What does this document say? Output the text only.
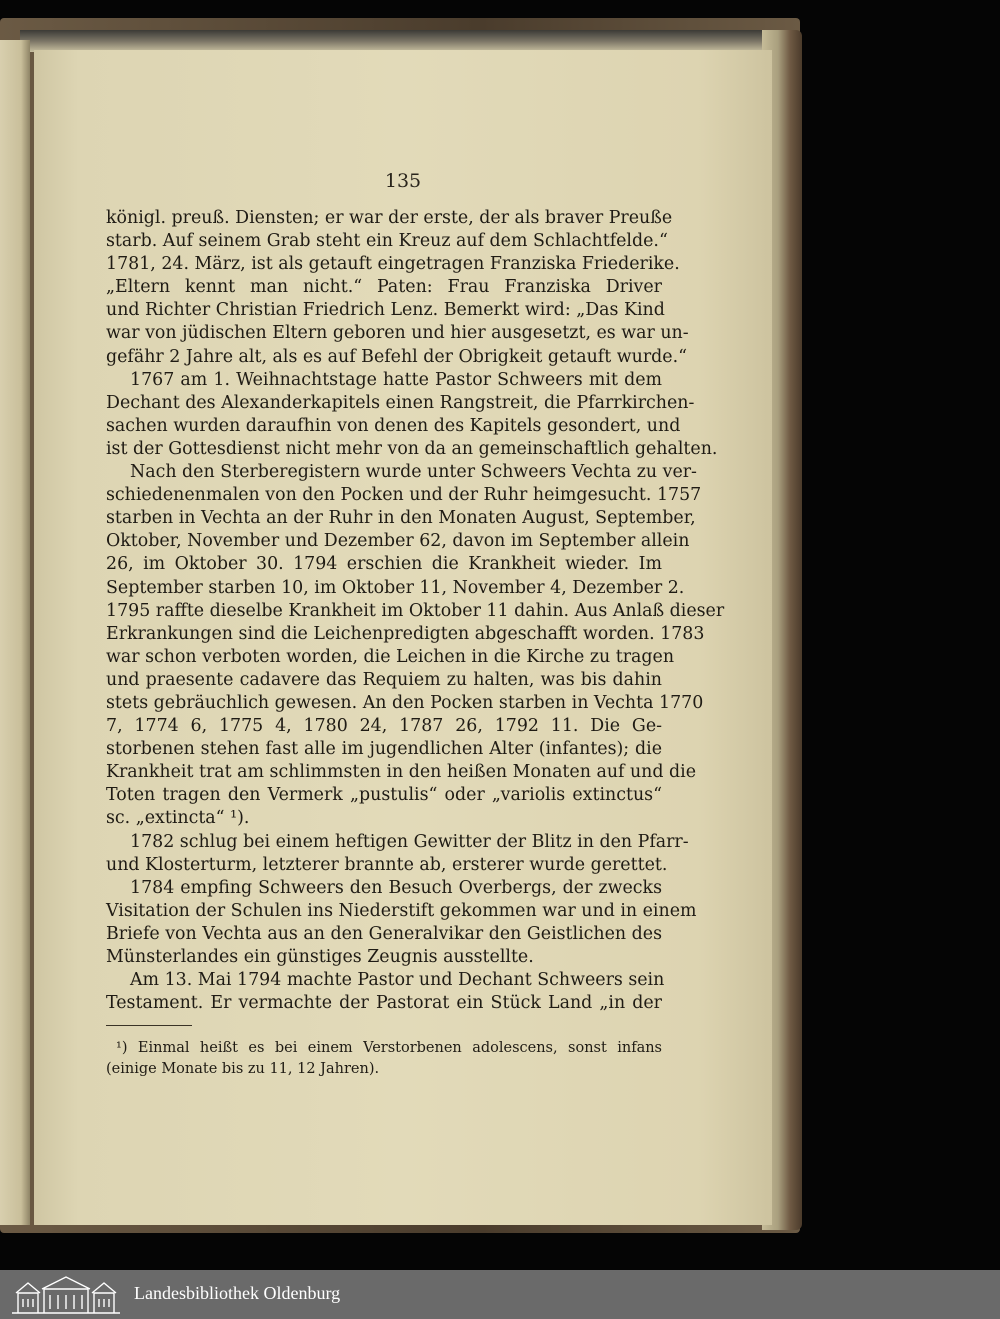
135
königl. preuß. Diensten; er war der erste, der als braver Preuße
starb. Auf seinem Grab steht ein Kreuz auf dem Schlachtfelde.“
1781, 24. März, ist als getauft eingetragen Franziska Friederike.
„Eltern kennt man nicht.“ Paten: Frau Franziska Driver
und Richter Christian Friedrich Lenz. Bemerkt wird: „Das Kind
war von jüdischen Eltern geboren und hier ausgesetzt, es war un-
gefähr 2 Jahre alt, als es auf Befehl der Obrigkeit getauft wurde.“
1767 am 1. Weihnachtstage hatte Pastor Schweers mit dem
Dechant des Alexanderkapitels einen Rangstreit, die Pfarrkirchen-
sachen wurden daraufhin von denen des Kapitels gesondert, und
ist der Gottesdienst nicht mehr von da an gemeinschaftlich gehalten.
Nach den Sterberegistern wurde unter Schweers Vechta zu ver-
schiedenenmalen von den Pocken und der Ruhr heimgesucht. 1757
starben in Vechta an der Ruhr in den Monaten August, September,
Oktober, November und Dezember 62, davon im September allein
26, im Oktober 30. 1794 erschien die Krankheit wieder. Im
September starben 10, im Oktober 11, November 4, Dezember 2.
1795 raffte dieselbe Krankheit im Oktober 11 dahin. Aus Anlaß dieser
Erkrankungen sind die Leichenpredigten abgeschafft worden. 1783
war schon verboten worden, die Leichen in die Kirche zu tragen
und praesente cadavere das Requiem zu halten, was bis dahin
stets gebräuchlich gewesen. An den Pocken starben in Vechta 1770
7, 1774 6, 1775 4, 1780 24, 1787 26, 1792 11. Die Ge-
storbenen stehen fast alle im jugendlichen Alter (infantes); die
Krankheit trat am schlimmsten in den heißen Monaten auf und die
Toten tragen den Vermerk „pustulis“ oder „variolis extinctus“
sc. „extincta“ ¹).
1782 schlug bei einem heftigen Gewitter der Blitz in den Pfarr-
und Klosterturm, letzterer brannte ab, ersterer wurde gerettet.
1784 empfing Schweers den Besuch Overbergs, der zwecks
Visitation der Schulen ins Niederstift gekommen war und in einem
Briefe von Vechta aus an den Generalvikar den Geistlichen des
Münsterlandes ein günstiges Zeugnis ausstellte.
Am 13. Mai 1794 machte Pastor und Dechant Schweers sein
Testament. Er vermachte der Pastorat ein Stück Land „in der
¹) Einmal heißt es bei einem Verstorbenen adolescens, sonst infans
(einige Monate bis zu 11, 12 Jahren).
Landesbibliothek Oldenburg
